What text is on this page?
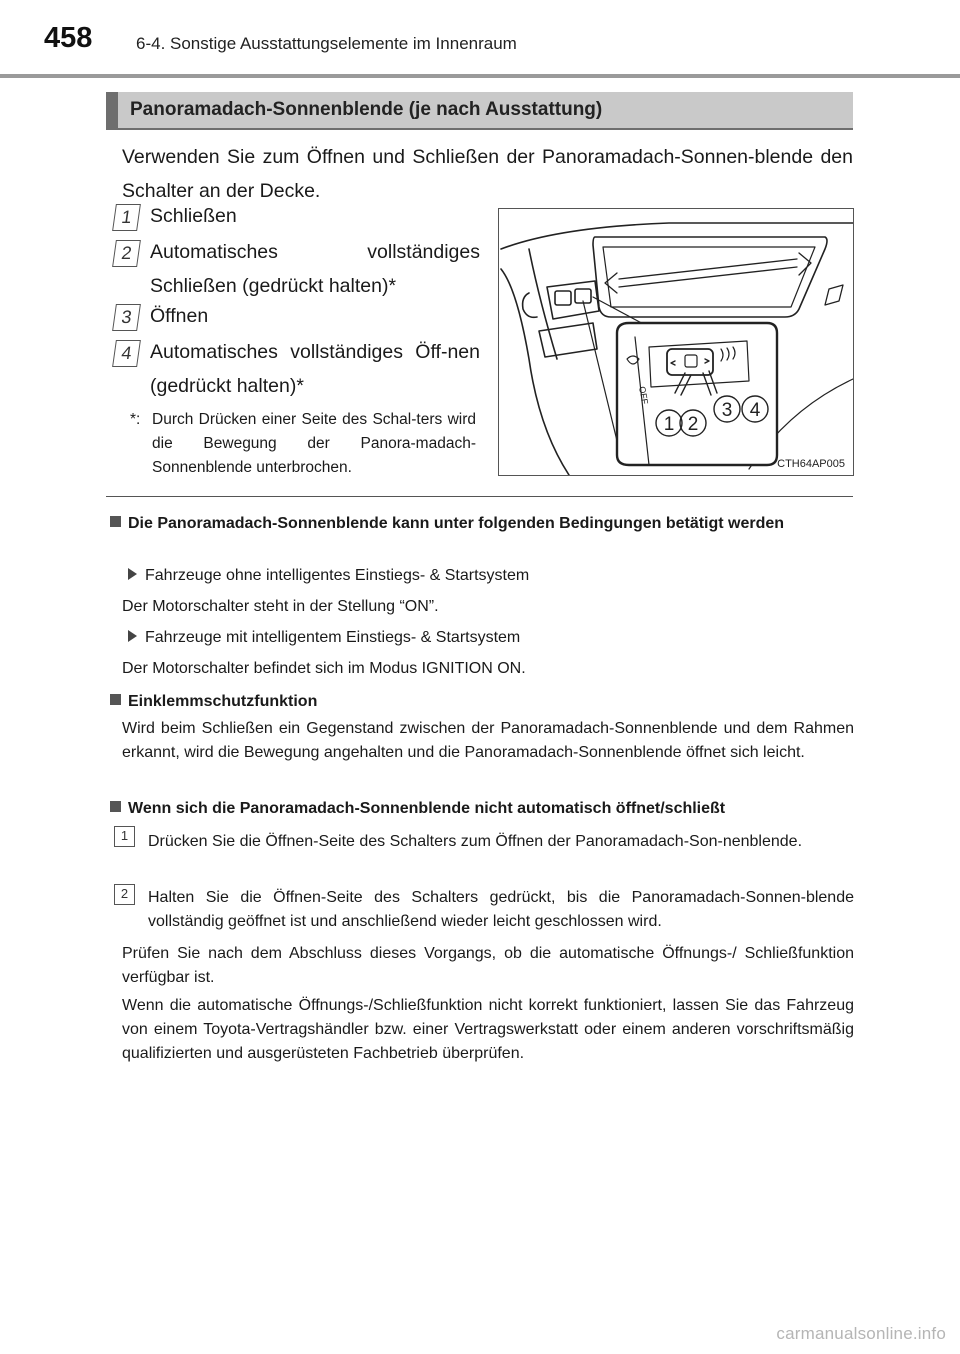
458	6-4. Sonstige Ausstattungselemente im Innenraum
Panoramadach-Sonnenblende (je nach Ausstattung)
Verwenden Sie zum Öffnen und Schließen der Panoramadach-Sonnen-blende den Schalter an der Decke.
1 Schließen
2 Automatisches vollständiges Schließen (gedrückt halten)*
3 Öffnen
4 Automatisches vollständiges Öff-nen (gedrückt halten)*
*: Durch Drücken einer Seite des Schal-ters wird die Bewegung der Panora-madach-Sonnenblende unterbrochen.
OFF
1 2
3 4
CTH64AP005
Die Panoramadach-Sonnenblende kann unter folgenden Bedingungen betätigt werden
Fahrzeuge ohne intelligentes Einstiegs- & Startsystem
Der Motorschalter steht in der Stellung “ON”.
Fahrzeuge mit intelligentem Einstiegs- & Startsystem
Der Motorschalter befindet sich im Modus IGNITION ON.
Einklemmschutzfunktion
Wird beim Schließen ein Gegenstand zwischen der Panoramadach-Sonnenblende und dem Rahmen erkannt, wird die Bewegung angehalten und die Panoramadach-Sonnenblende öffnet sich leicht.
Wenn sich die Panoramadach-Sonnenblende nicht automatisch öffnet/schließt
1	Drücken Sie die Öffnen-Seite des Schalters zum Öffnen der Panoramadach-Son-nenblende.
2	Halten Sie die Öffnen-Seite des Schalters gedrückt, bis die Panoramadach-Sonnen-blende vollständig geöffnet ist und anschließend wieder leicht geschlossen wird.
Prüfen Sie nach dem Abschluss dieses Vorgangs, ob die automatische Öffnungs-/ Schließfunktion verfügbar ist.
Wenn die automatische Öffnungs-/Schließfunktion nicht korrekt funktioniert, lassen Sie das Fahrzeug von einem Toyota-Vertragshändler bzw. einer Vertragswerkstatt oder einem anderen vorschriftsmäßig qualifizierten und ausgerüsteten Fachbetrieb überprüfen.
carmanualsonline.info
